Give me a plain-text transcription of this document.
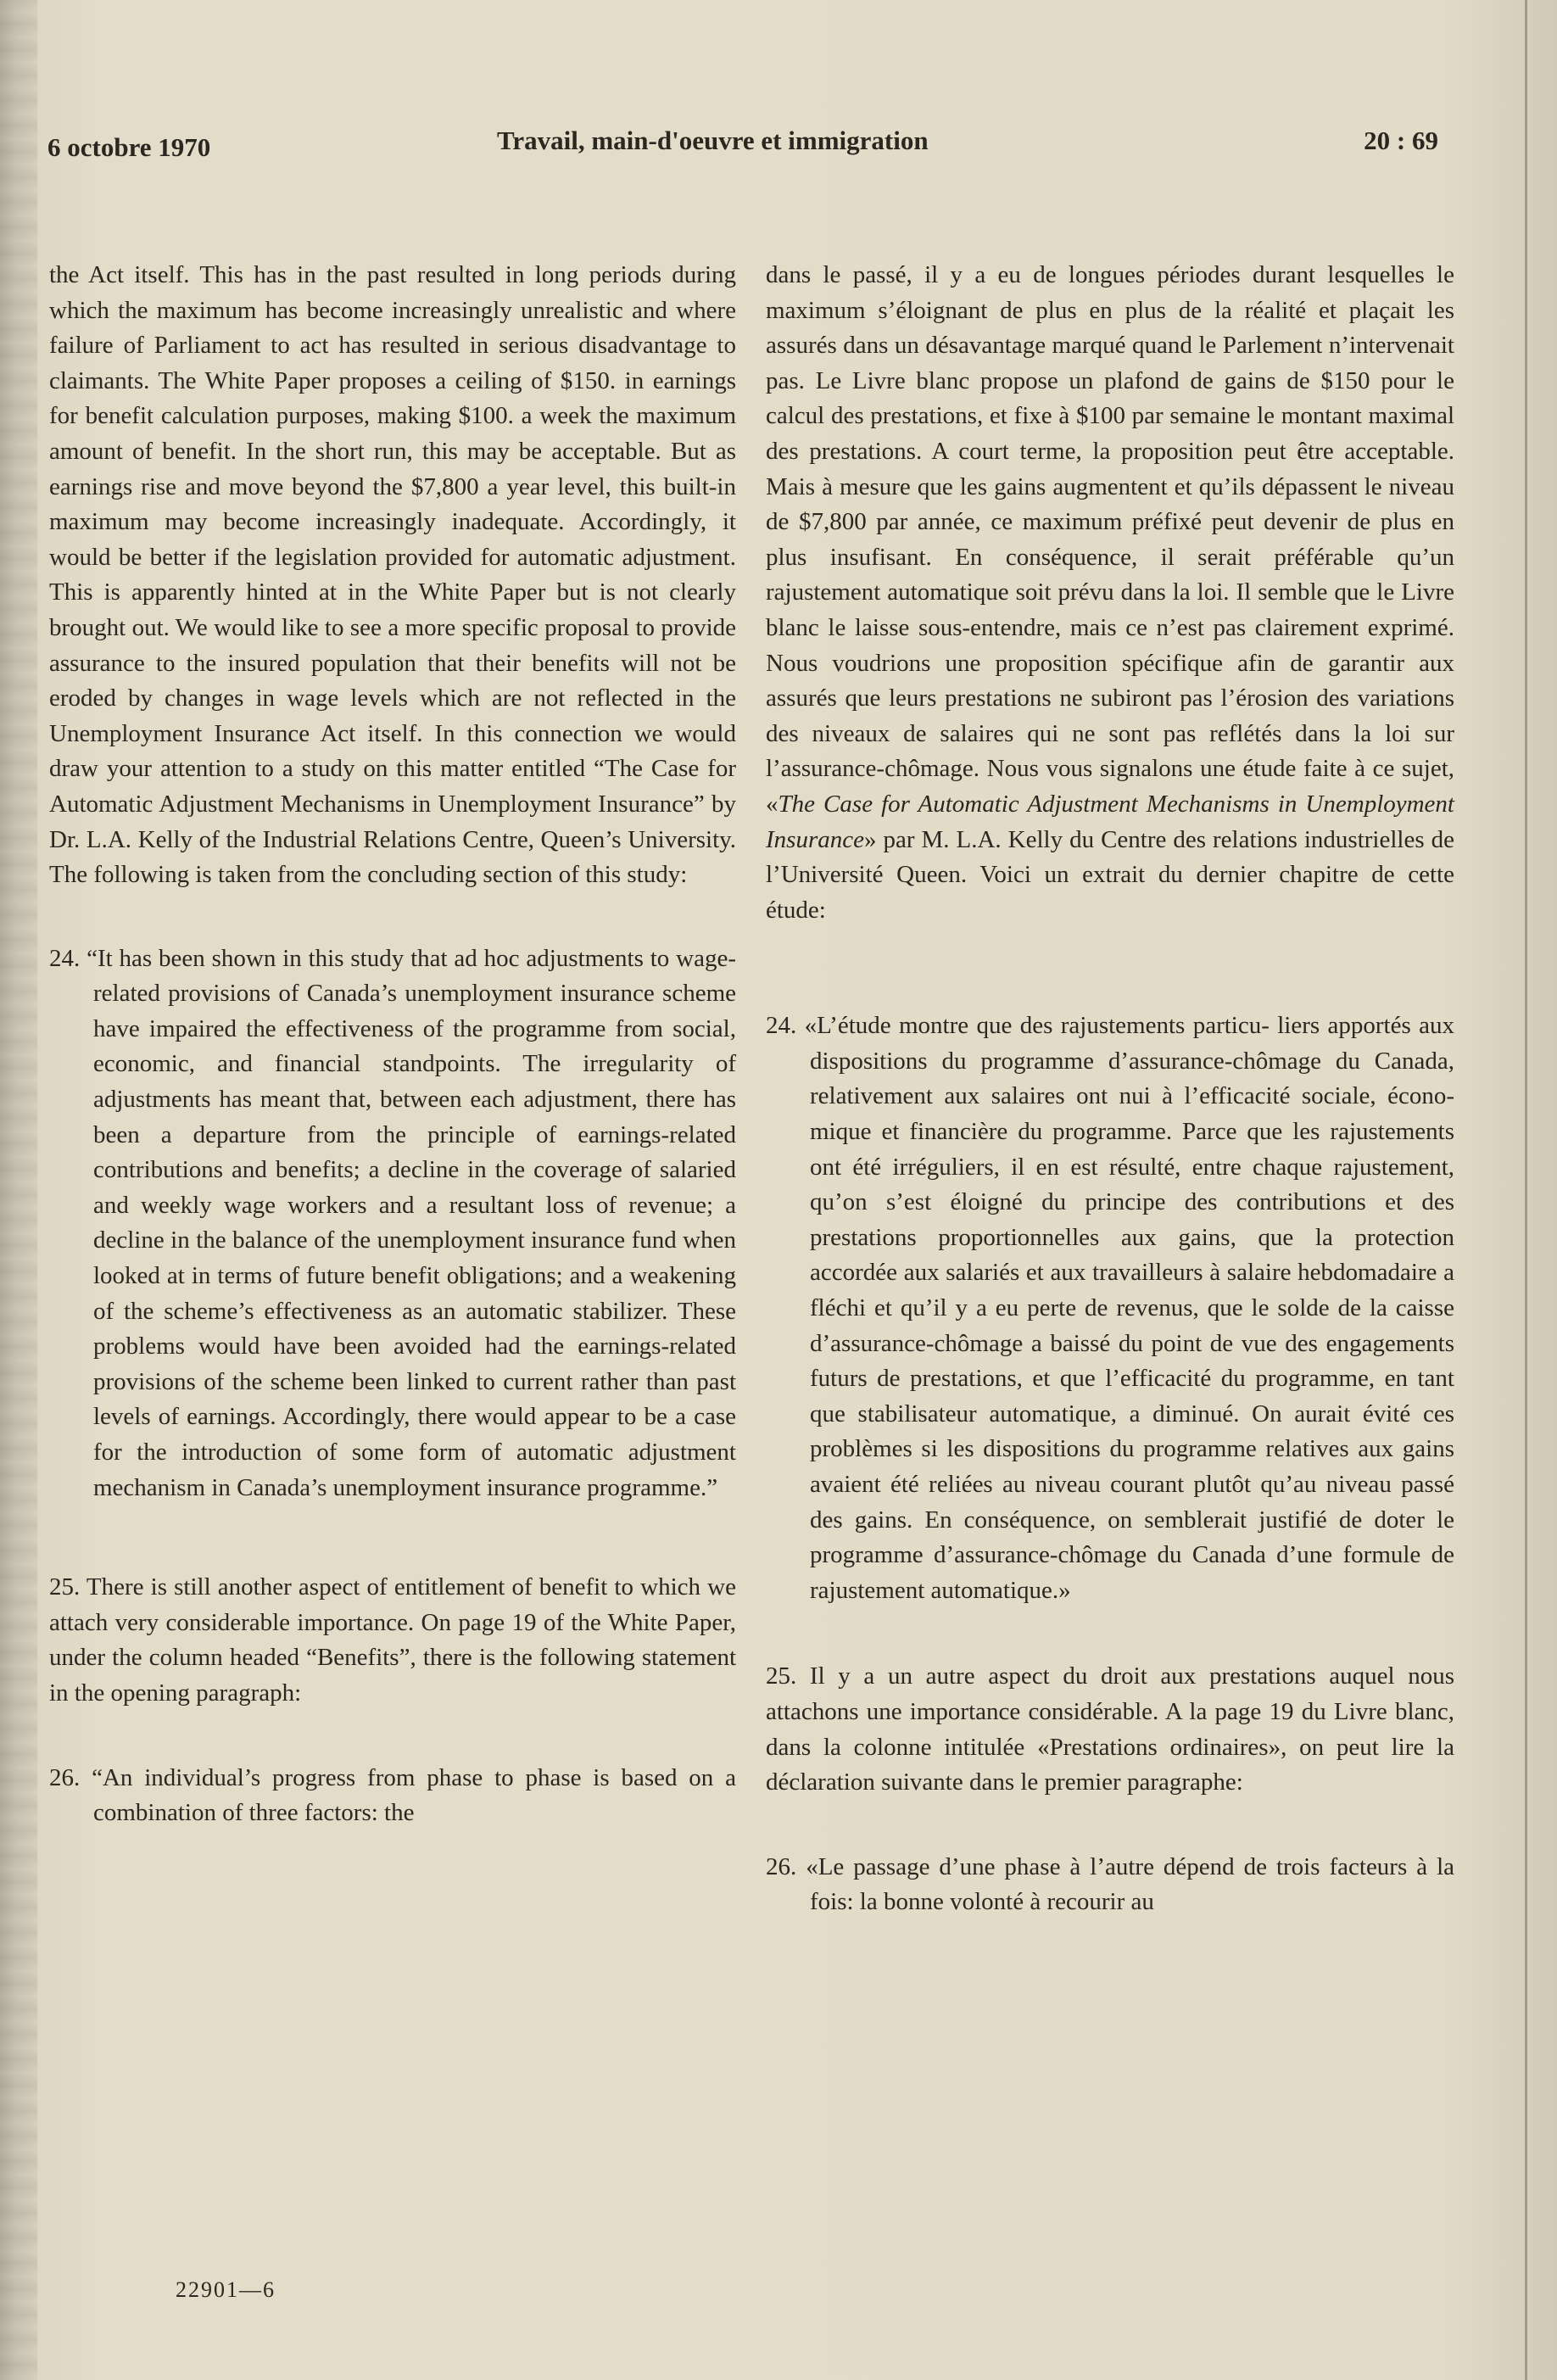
6 octobre 1970	Travail, main-d'oeuvre et immigration	20 : 69

the Act itself. This has in the past resulted in long periods during which the maximum has become increasingly unrealistic and where failure of Parliament to act has resulted in serious disadvantage to claimants. The White Paper proposes a ceiling of $150. in earnings for benefit calculation purposes, making $100. a week the maximum amount of benefit. In the short run, this may be acceptable. But as earnings rise and move beyond the $7,800 a year level, this built-in maximum may become increasingly inadequate. Accordingly, it would be better if the legislation provided for automatic adjustment. This is apparently hinted at in the White Paper but is not clearly brought out. We would like to see a more specific proposal to provide assurance to the insured population that their benefits will not be eroded by changes in wage levels which are not reflected in the Unemployment Insurance Act itself. In this connection we would draw your attention to a study on this matter entitled “The Case for Automatic Adjustment Mechanisms in Unemployment Insurance” by Dr. L.A. Kelly of the Industrial Relations Centre, Queen’s University. The following is taken from the concluding section of this study:

24. “It has been shown in this study that ad hoc adjustments to wage-related provisions of Canada’s unemployment insurance scheme have impaired the effectiveness of the programme from social, economic, and financial standpoints. The irregularity of adjustments has meant that, between each adjustment, there has been a departure from the principle of earnings-related contributions and benefits; a decline in the coverage of salaried and weekly wage workers and a resultant loss of revenue; a decline in the balance of the unemployment insurance fund when looked at in terms of future benefit obligations; and a weakening of the scheme’s effectiveness as an automatic stabilizer. These problems would have been avoided had the earnings-related provisions of the scheme been linked to current rather than past levels of earnings. Accordingly, there would appear to be a case for the introduction of some form of automatic adjustment mechanism in Canada’s unemployment insurance programme.”

25. There is still another aspect of entitlement of benefit to which we attach very considerable importance. On page 19 of the White Paper, under the column headed “Benefits”, there is the following statement in the opening paragraph:

26. “An individual’s progress from phase to phase is based on a combination of three factors: the

dans le passé, il y a eu de longues périodes durant lesquelles le maximum s’éloignant de plus en plus de la réalité et plaçait les assurés dans un désavantage marqué quand le Parlement n’intervenait pas. Le Livre blanc propose un plafond de gains de $150 pour le calcul des prestations, et fixe à $100 par semaine le montant maximal des prestations. A court terme, la proposition peut être acceptable. Mais à mesure que les gains augmentent et qu’ils dépassent le niveau de $7,800 par année, ce maximum préfixé peut devenir de plus en plus insufisant. En conséquence, il serait préférable qu’un rajustement automatique soit prévu dans la loi. Il semble que le Livre blanc le laisse sous-entendre, mais ce n’est pas clairement exprimé. Nous voudrions une proposition spécifique afin de garantir aux assurés que leurs prestations ne subiront pas l’érosion des variations des niveaux de salaires qui ne sont pas reflétés dans la loi sur l’assurance-chômage. Nous vous signalons une étude faite à ce sujet, «The Case for Automatic Adjustment Mechanisms in Unemployment Insurance» par M. L.A. Kelly du Centre des relations industrielles de l’Université Queen. Voici un extrait du dernier chapitre de cette étude:

24. «L’étude montre que des rajustements particu- liers apportés aux dispositions du programme d’assurance-chômage du Canada, relativement aux salaires ont nui à l’efficacité sociale, écono- mique et financière du programme. Parce que les rajustements ont été irréguliers, il en est résulté, entre chaque rajustement, qu’on s’est éloigné du principe des contributions et des prestations proportionnelles aux gains, que la protection accordée aux salariés et aux travailleurs à salaire hebdomadaire a fléchi et qu’il y a eu perte de revenus, que le solde de la caisse d’assurance-chômage a baissé du point de vue des engagements futurs de prestations, et que l’efficacité du programme, en tant que stabilisateur automatique, a diminué. On aurait évité ces problèmes si les dispositions du programme relatives aux gains avaient été reliées au niveau courant plutôt qu’au niveau passé des gains. En conséquence, on semblerait justifié de doter le programme d’assurance-chômage du Canada d’une formule de rajustement automatique.»

25. Il y a un autre aspect du droit aux prestations auquel nous attachons une importance considérable. A la page 19 du Livre blanc, dans la colonne intitulée «Prestations ordinaires», on peut lire la déclaration suivante dans le premier paragraphe:

26. «Le passage d’une phase à l’autre dépend de trois facteurs à la fois: la bonne volonté à recourir au

22901—6
